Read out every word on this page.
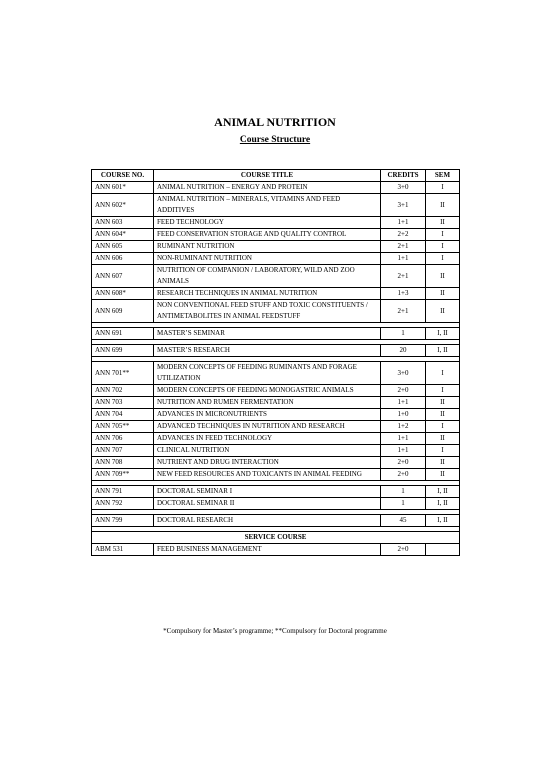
ANIMAL NUTRITION
Course Structure
COURSE NO.	COURSE TITLE	CREDITS	SEM
ANN 601*	ANIMAL NUTRITION – ENERGY AND PROTEIN	3+0	I
ANN 602*	ANIMAL NUTRITION – MINERALS, VITAMINS AND FEED ADDITIVES	3+1	II
ANN 603	FEED TECHNOLOGY	1+1	II
ANN 604*	FEED CONSERVATION STORAGE AND QUALITY CONTROL	2+2	I
ANN 605	RUMINANT NUTRITION	2+1	I
ANN 606	NON-RUMINANT NUTRITION	1+1	I
ANN 607	NUTRITION OF COMPANION / LABORATORY, WILD AND ZOO ANIMALS	2+1	II
ANN 608*	RESEARCH TECHNIQUES IN ANIMAL NUTRITION	1+3	II
ANN 609	NON CONVENTIONAL FEED STUFF AND TOXIC CONSTITUENTS / ANTIMETABOLITES IN ANIMAL FEEDSTUFF	2+1	II

ANN 691	MASTER’S SEMINAR	1	I, II

ANN 699	MASTER’S RESEARCH	20	I, II

ANN 701**	MODERN CONCEPTS OF FEEDING RUMINANTS AND FORAGE UTILIZATION	3+0	I
ANN 702	MODERN CONCEPTS OF FEEDING MONOGASTRIC ANIMALS	2+0	I
ANN 703	NUTRITION AND RUMEN FERMENTATION	1+1	II
ANN 704	ADVANCES IN MICRONUTRIENTS	1+0	II
ANN 705**	ADVANCED TECHNIQUES IN NUTRITION AND RESEARCH	1+2	I
ANN 706	ADVANCES IN FEED TECHNOLOGY	1+1	II
ANN 707	CLINICAL NUTRITION	1+1	I
ANN 708	NUTRIENT AND DRUG INTERACTION	2+0	II
ANN 709**	NEW FEED RESOURCES AND TOXICANTS IN ANIMAL FEEDING	2+0	II

ANN 791	DOCTORAL SEMINAR I	1	I, II
ANN 792	DOCTORAL SEMINAR II	1	I, II

ANN 799	DOCTORAL RESEARCH	45	I, II

SERVICE COURSE			
ABM 531	FEED BUSINESS MANAGEMENT	2+0	
*Compulsory for Master’s programme; **Compulsory for Doctoral programme
